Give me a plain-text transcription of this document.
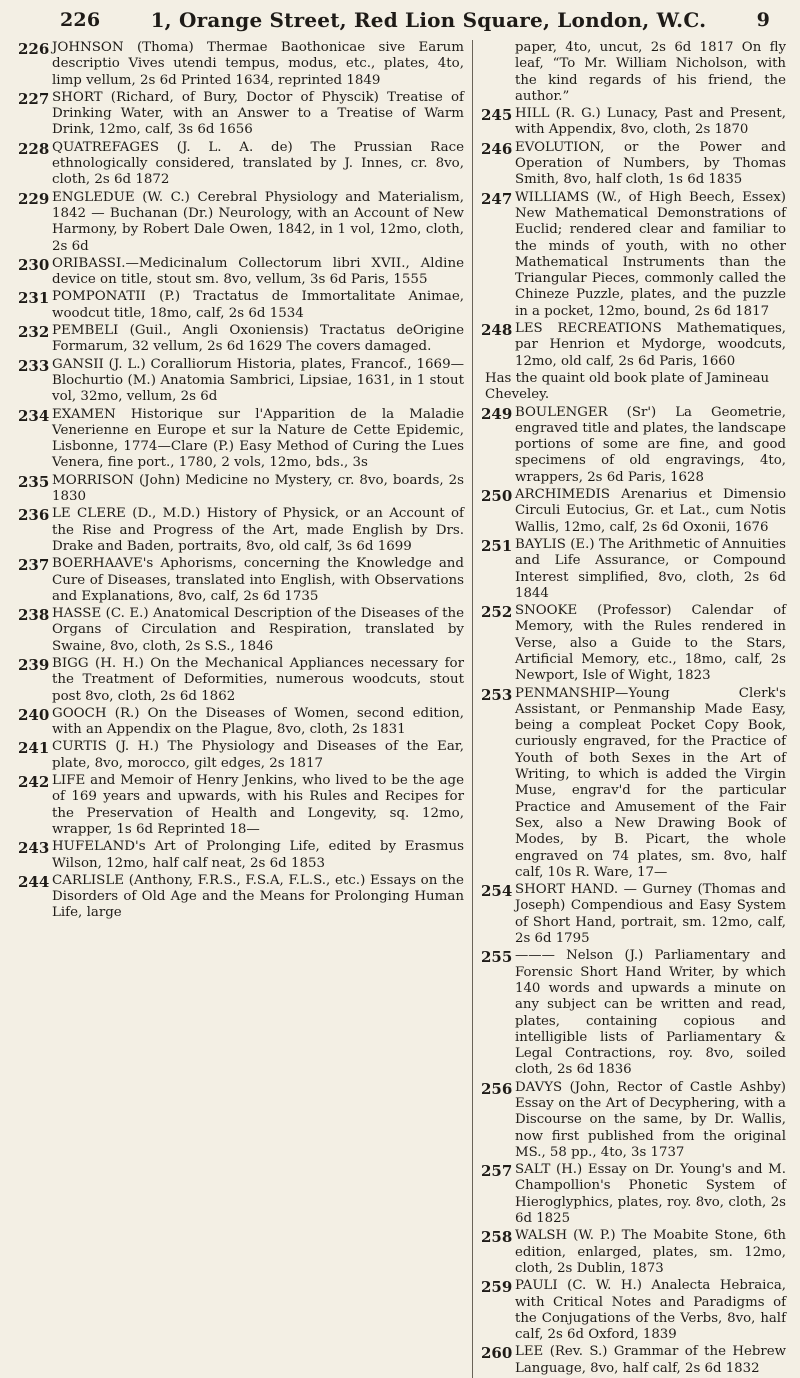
226	1, Orange Street, Red Lion Square, London, W.C.	9
226 JOHNSON (Thoma) Thermae Baothonicae sive Earum descriptio Vives utendi tempus, modus, etc., plates, 4to, limp vellum, 2s 6d Printed 1634, reprinted 1849
227 SHORT (Richard, of Bury, Doctor of Physcik) Treatise of Drinking Water, with an Answer to a Treatise of Warm Drink, 12mo, calf, 3s 6d 1656
228 QUATREFAGES (J. L. A. de) The Prussian Race ethnologically considered, translated by J. Innes, cr. 8vo, cloth, 2s 6d 1872
229 ENGLEDUE (W. C.) Cerebral Physiology and Materialism, 1842 — Buchanan (Dr.) Neurology, with an Account of New Harmony, by Robert Dale Owen, 1842, in 1 vol, 12mo, cloth, 2s 6d
230 ORIBASSI.—Medicinalum Collectorum libri XVII., Aldine device on title, stout sm. 8vo, vellum, 3s 6d Paris, 1555
231 POMPONATII (P.) Tractatus de Immortalitate Animae, woodcut title, 18mo, calf, 2s 6d 1534
232 PEMBELI (Guil., Angli Oxoniensis) Tractatus deOrigine Formarum, 32 vellum, 2s 6d 1629 The covers damaged.
233 GANSII (J. L.) Coralliorum Historia, plates, Francof., 1669—Blochurtio (M.) Anatomia Sambrici, Lipsiae, 1631, in 1 stout vol, 32mo, vellum, 2s 6d
234 EXAMEN Historique sur l'Apparition de la Maladie Venerienne en Europe et sur la Nature de Cette Epidemic, Lisbonne, 1774—Clare (P.) Easy Method of Curing the Lues Venera, fine port., 1780, 2 vols, 12mo, bds., 3s
235 MORRISON (John) Medicine no Mystery, cr. 8vo, boards, 2s 1830
236 LE CLERE (D., M.D.) History of Physick, or an Account of the Rise and Progress of the Art, made English by Drs. Drake and Baden, portraits, 8vo, old calf, 3s 6d 1699
237 BOERHAAVE's Aphorisms, concerning the Knowledge and Cure of Diseases, translated into English, with Observations and Explanations, 8vo, calf, 2s 6d 1735
238 HASSE (C. E.) Anatomical Description of the Diseases of the Organs of Circulation and Respiration, translated by Swaine, 8vo, cloth, 2s S.S., 1846
239 BIGG (H. H.) On the Mechanical Appliances necessary for the Treatment of Deformities, numerous woodcuts, stout post 8vo, cloth, 2s 6d 1862
240 GOOCH (R.) On the Diseases of Women, second edition, with an Appendix on the Plague, 8vo, cloth, 2s 1831
241 CURTIS (J. H.) The Physiology and Diseases of the Ear, plate, 8vo, morocco, gilt edges, 2s 1817
242 LIFE and Memoir of Henry Jenkins, who lived to be the age of 169 years and upwards, with his Rules and Recipes for the Preservation of Health and Longevity, sq. 12mo, wrapper, 1s 6d Reprinted 18—
243 HUFELAND's Art of Prolonging Life, edited by Erasmus Wilson, 12mo, half calf neat, 2s 6d 1853
244 CARLISLE (Anthony, F.R.S., F.S.A, F.L.S., etc.) Essays on the Disorders of Old Age and the Means for Prolonging Human Life, large
paper, 4to, uncut, 2s 6d 1817 On fly leaf, “To Mr. William Nicholson, with the kind regards of his friend, the author.”
245 HILL (R. G.) Lunacy, Past and Present, with Appendix, 8vo, cloth, 2s 1870
246 EVOLUTION, or the Power and Operation of Numbers, by Thomas Smith, 8vo, half cloth, 1s 6d 1835
247 WILLIAMS (W., of High Beech, Essex) New Mathematical Demonstrations of Euclid; rendered clear and familiar to the minds of youth, with no other Mathematical Instruments than the Triangular Pieces, commonly called the Chineze Puzzle, plates, and the puzzle in a pocket, 12mo, bound, 2s 6d 1817
248 LES RECREATIONS Mathematiques, par Henrion et Mydorge, woodcuts, 12mo, old calf, 2s 6d Paris, 1660
Has the quaint old book plate of Jamineau Cheveley.
249 BOULENGER (Sr') La Geometrie, engraved title and plates, the landscape portions of some are fine, and good specimens of old engravings, 4to, wrappers, 2s 6d Paris, 1628
250 ARCHIMEDIS Arenarius et Dimensio Circuli Eutocius, Gr. et Lat., cum Notis Wallis, 12mo, calf, 2s 6d Oxonii, 1676
251 BAYLIS (E.) The Arithmetic of Annuities and Life Assurance, or Compound Interest simplified, 8vo, cloth, 2s 6d 1844
252 SNOOKE (Professor) Calendar of Memory, with the Rules rendered in Verse, also a Guide to the Stars, Artificial Memory, etc., 18mo, calf, 2s Newport, Isle of Wight, 1823
253 PENMANSHIP—Young Clerk's Assistant, or Penmanship Made Easy, being a compleat Pocket Copy Book, curiously engraved, for the Practice of Youth of both Sexes in the Art of Writing, to which is added the Virgin Muse, engrav'd for the particular Practice and Amusement of the Fair Sex, also a New Drawing Book of Modes, by B. Picart, the whole engraved on 74 plates, sm. 8vo, half calf, 10s R. Ware, 17—
254 SHORT HAND. — Gurney (Thomas and Joseph) Compendious and Easy System of Short Hand, portrait, sm. 12mo, calf, 2s 6d 1795
255 ——— Nelson (J.) Parliamentary and Forensic Short Hand Writer, by which 140 words and upwards a minute on any subject can be written and read, plates, containing copious and intelligible lists of Parliamentary & Legal Contractions, roy. 8vo, soiled cloth, 2s 6d 1836
256 DAVYS (John, Rector of Castle Ashby) Essay on the Art of Decyphering, with a Discourse on the same, by Dr. Wallis, now first published from the original MS., 58 pp., 4to, 3s 1737
257 SALT (H.) Essay on Dr. Young's and M. Champollion's Phonetic System of Hieroglyphics, plates, roy. 8vo, cloth, 2s 6d 1825
258 WALSH (W. P.) The Moabite Stone, 6th edition, enlarged, plates, sm. 12mo, cloth, 2s Dublin, 1873
259 PAULI (C. W. H.) Analecta Hebraica, with Critical Notes and Paradigms of the Conjugations of the Verbs, 8vo, half calf, 2s 6d Oxford, 1839
260 LEE (Rev. S.) Grammar of the Hebrew Language, 8vo, half calf, 2s 6d 1832
